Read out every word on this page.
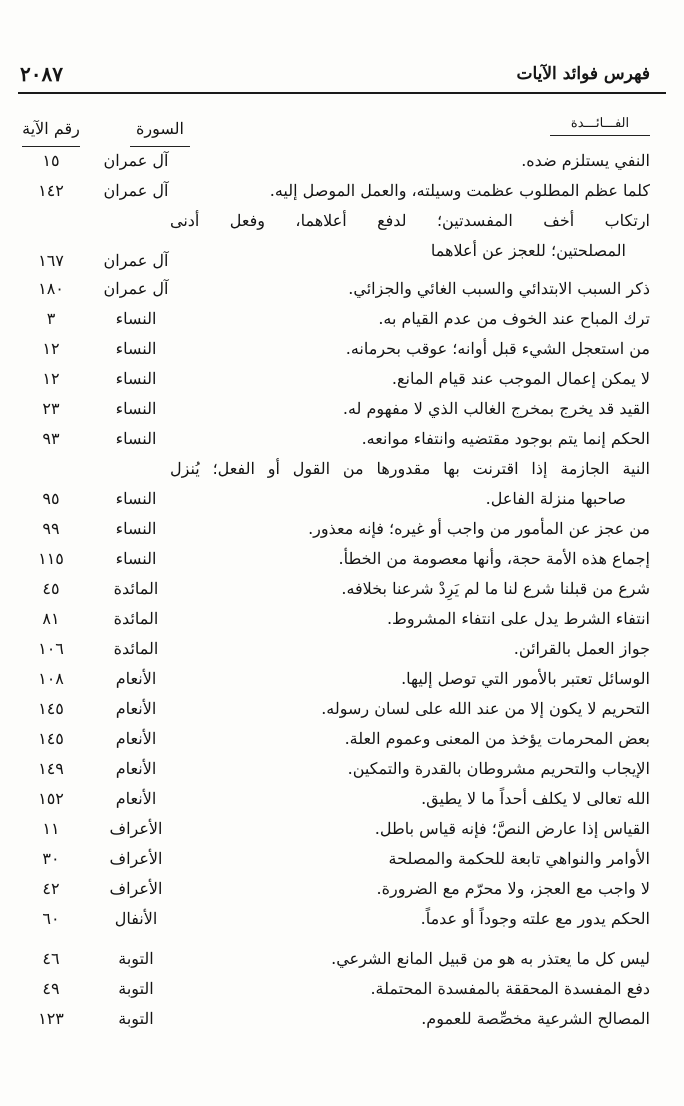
فهرس فوائد الآيات
٢٠٨٧
الفـــائـــدة
السورة
رقم الآية
النفي يستلزم ضده.
آل عمران
١٥
كلما عظم المطلوب عظمت وسيلته، والعمل الموصل إليه.
آل عمران
١٤٢
ارتكاب أخف المفسدتين؛ لدفع أعلاهما، وفعل أدنى
المصلحتين؛ للعجز عن أعلاهما
آل عمران
١٦٧
ذكر السبب الابتدائي والسبب الغائي والجزائي.
آل عمران
١٨٠
ترك المباح عند الخوف من عدم القيام به.
النساء
٣
من استعجل الشيء قبل أوانه؛ عوقب بحرمانه.
النساء
١٢
لا يمكن إعمال الموجب عند قيام المانع.
النساء
١٢
القيد قد يخرج بمخرج الغالب الذي لا مفهوم له.
النساء
٢٣
الحكم إنما يتم بوجود مقتضيه وانتفاء موانعه.
النساء
٩٣
النية الجازمة إذا اقترنت بها مقدورها من القول أو الفعل؛ يُنزل
صاحبها منزلة الفاعل.
النساء
٩٥
من عجز عن المأمور من واجب أو غيره؛ فإنه معذور.
النساء
٩٩
إجماع هذه الأمة حجة، وأنها معصومة من الخطأ.
النساء
١١٥
شرع من قبلنا شرع لنا ما لم يَرِدْ شرعنا بخلافه.
المائدة
٤٥
انتفاء الشرط يدل على انتفاء المشروط.
المائدة
٨١
جواز العمل بالقرائن.
المائدة
١٠٦
الوسائل تعتبر بالأمور التي توصل إليها.
الأنعام
١٠٨
التحريم لا يكون إلا من عند الله على لسان رسوله.
الأنعام
١٤٥
بعض المحرمات يؤخذ من المعنى وعموم العلة.
الأنعام
١٤٥
الإيجاب والتحريم مشروطان بالقدرة والتمكين.
الأنعام
١٤٩
الله تعالى لا يكلف أحداً ما لا يطيق.
الأنعام
١٥٢
القياس إذا عارض النصَّ؛ فإنه قياس باطل.
الأعراف
١١
الأوامر والنواهي تابعة للحكمة والمصلحة
الأعراف
٣٠
لا واجب مع العجز، ولا محرّم مع الضرورة.
الأعراف
٤٢
الحكم يدور مع علته وجوداً أو عدماً.
الأنفال
٦٠
ليس كل ما يعتذر به هو من قبيل المانع الشرعي.
التوبة
٤٦
دفع المفسدة المحققة بالمفسدة المحتملة.
التوبة
٤٩
المصالح الشرعية مخصِّصة للعموم.
التوبة
١٢٣
